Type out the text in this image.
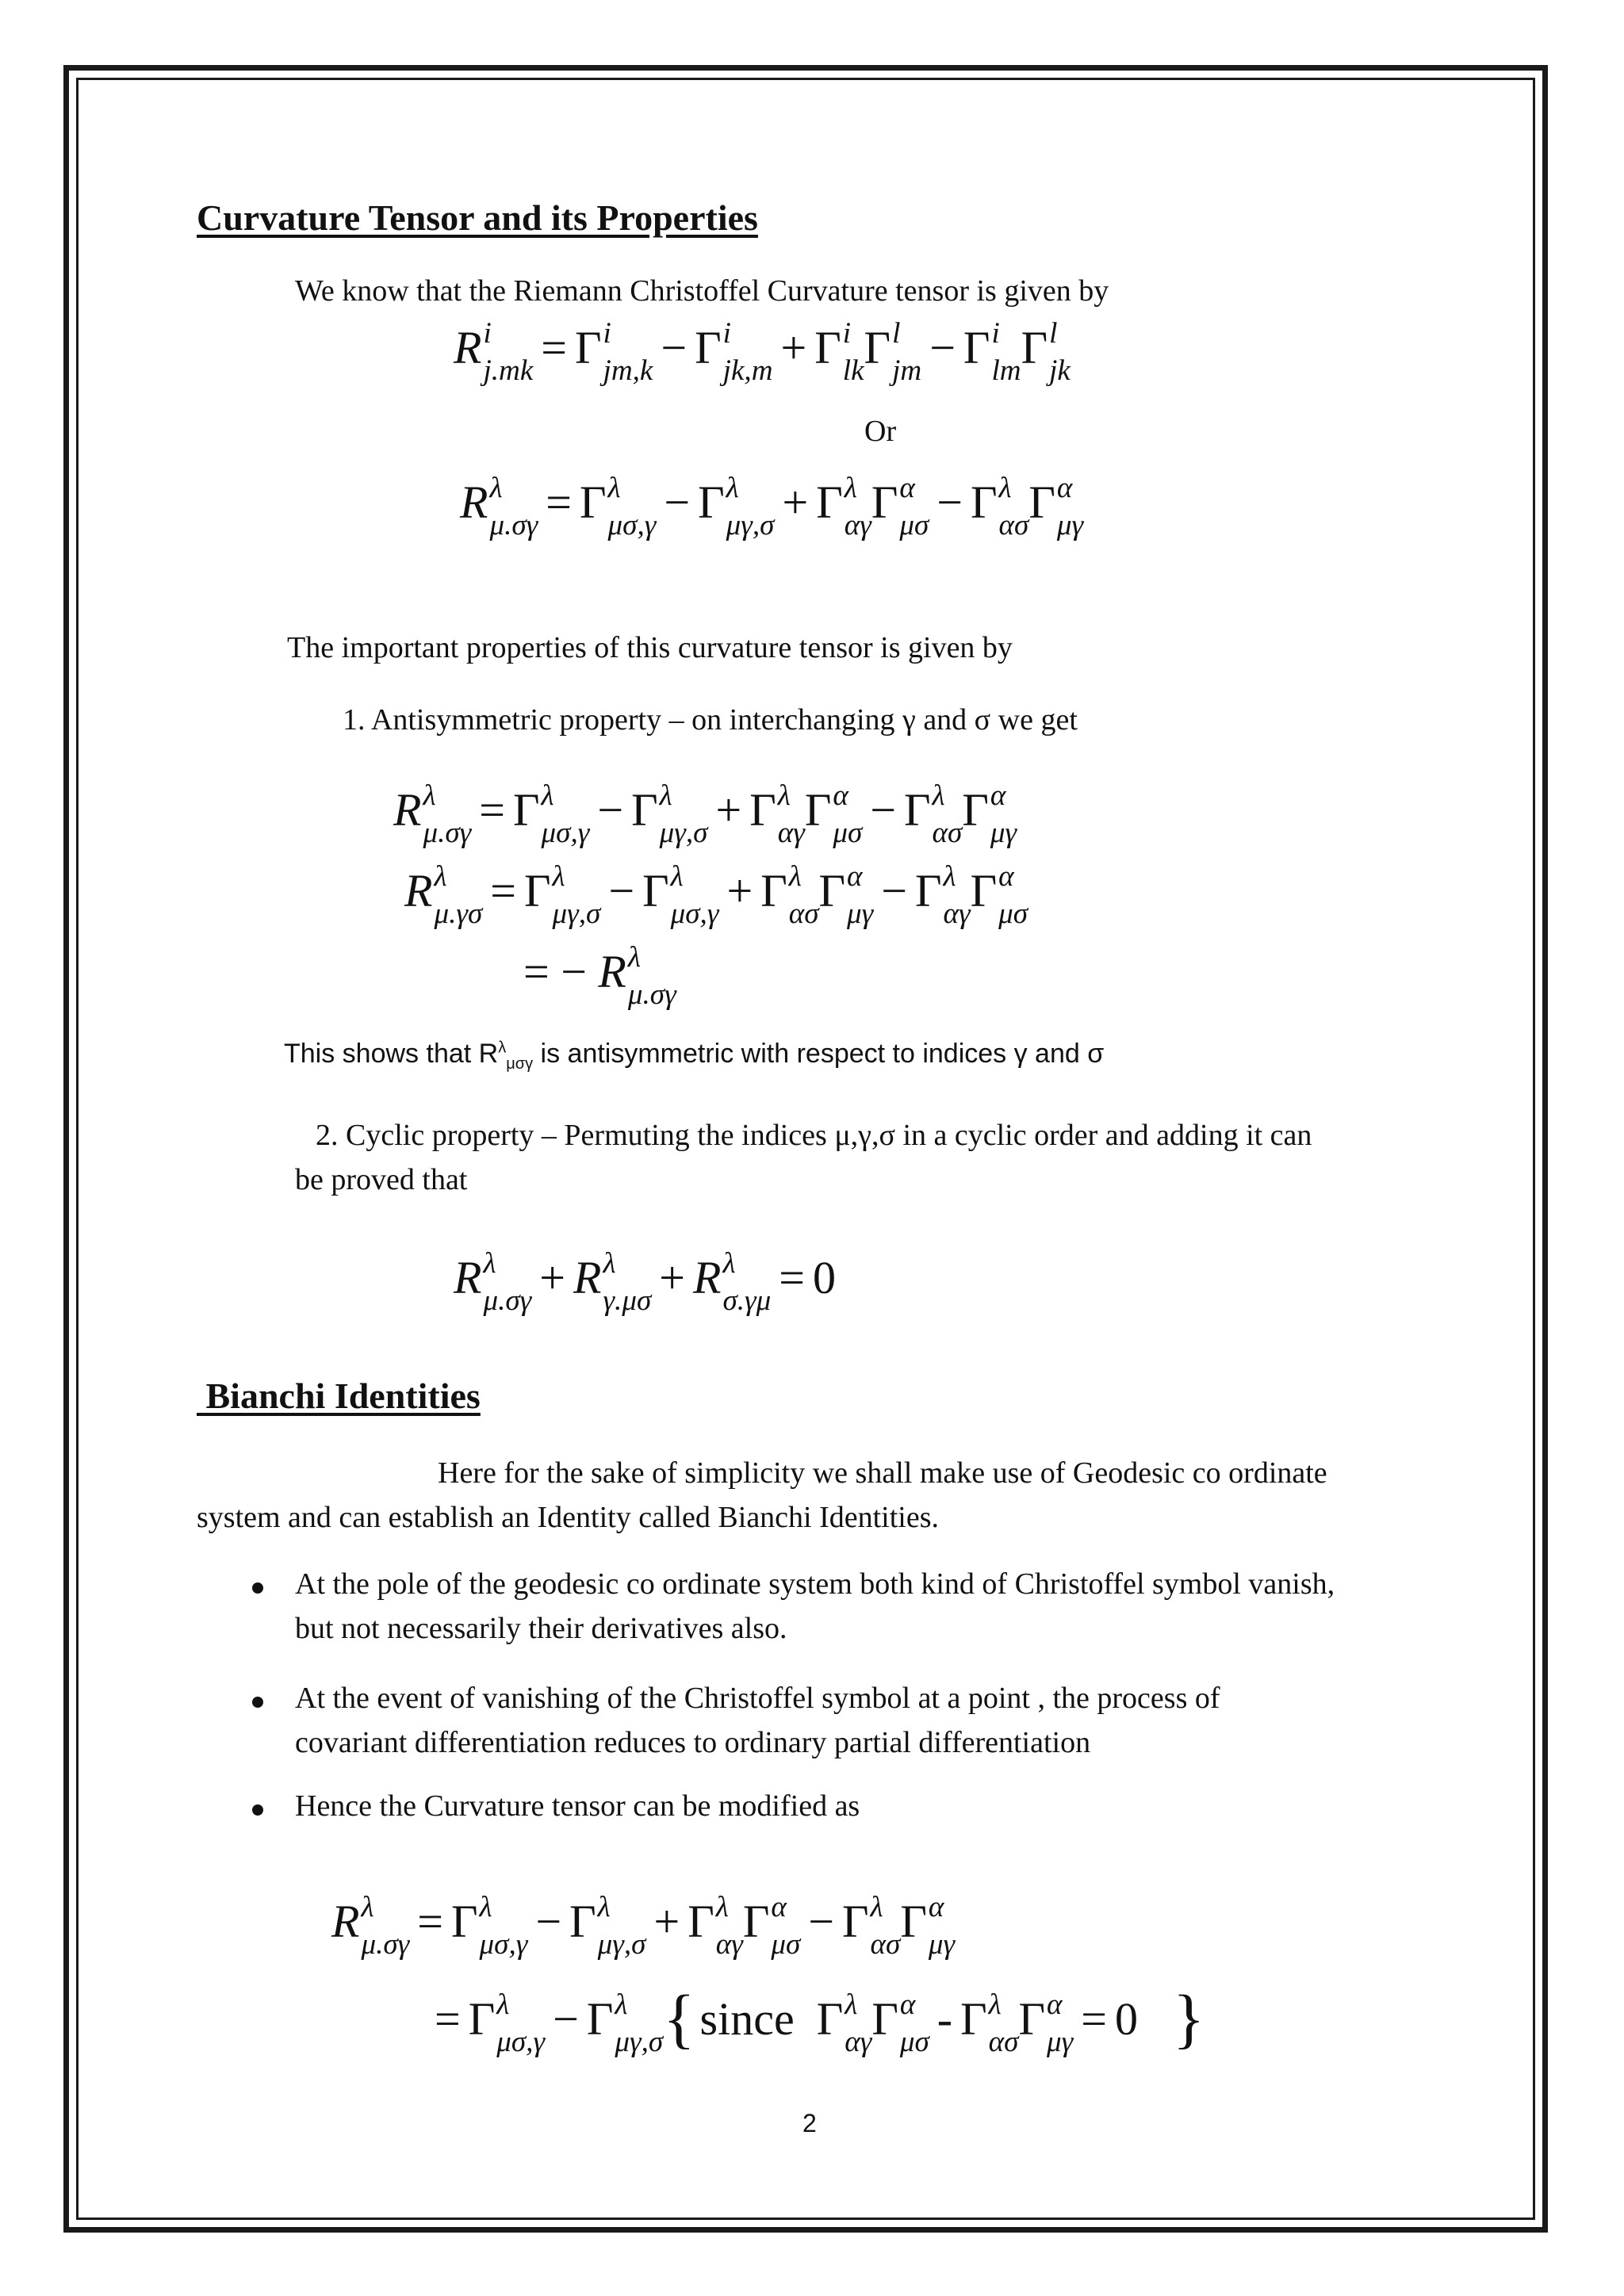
Curvature Tensor and its Properties
We know that the Riemann Christoffel Curvature tensor is given by
R i
j.mk = Γ i
jm,k − Γ i
jk,m + Γ i
lk Γ l
jm − Γ i
lm Γ l
jk
Or
R λ
μ.σγ = Γ λ
μσ,γ − Γ λ
μγ,σ + Γ λ
αγ Γ α
μσ − Γ λ
ασ Γ α
μγ
The important properties of this curvature tensor is given by
1. Antisymmetric property – on interchanging γ and σ we get
R λ
μ.σγ = Γ λ
μσ,γ − Γ λ
μγ,σ + Γ λ
αγ Γ α
μσ − Γ λ
ασ Γ α
μγ
R λ
μ.γσ = Γ λ
μγ,σ − Γ λ
μσ,γ + Γ λ
ασ Γ α
μγ − Γ λ
αγ Γ α
μσ
= − R λ
μ.σγ
This shows that $R^\lambda_{\mu\sigma\gamma}$ is antisymmetric with respect to indices γ and σ
2. Cyclic property – Permuting the indices μ,γ,σ in a cyclic order and adding it can
be proved that
R λ
μ.σγ + R λ
γ.μσ + R λ
σ.γμ = 0
Bianchi Identities
Here for the sake of simplicity we shall make use of Geodesic co ordinate
system and can establish an Identity called Bianchi Identities.
At the pole of the geodesic co ordinate system both kind of Christoffel symbol vanish,
but not necessarily their derivatives also.
At the event of vanishing of the Christoffel symbol at a point , the process of
covariant differentiation reduces to ordinary partial differentiation
Hence the Curvature tensor can be modified as
R λ
μ.σγ = Γ λ
μσ,γ − Γ λ
μγ,σ + Γ λ
αγ Γ α
μσ − Γ λ
ασ Γ α
μγ
= Γ λ
μσ,γ − Γ λ
μγ,σ { since Γ λ
αγ Γ α
μσ - Γ λ
ασ Γ α
μγ = 0 }
2
